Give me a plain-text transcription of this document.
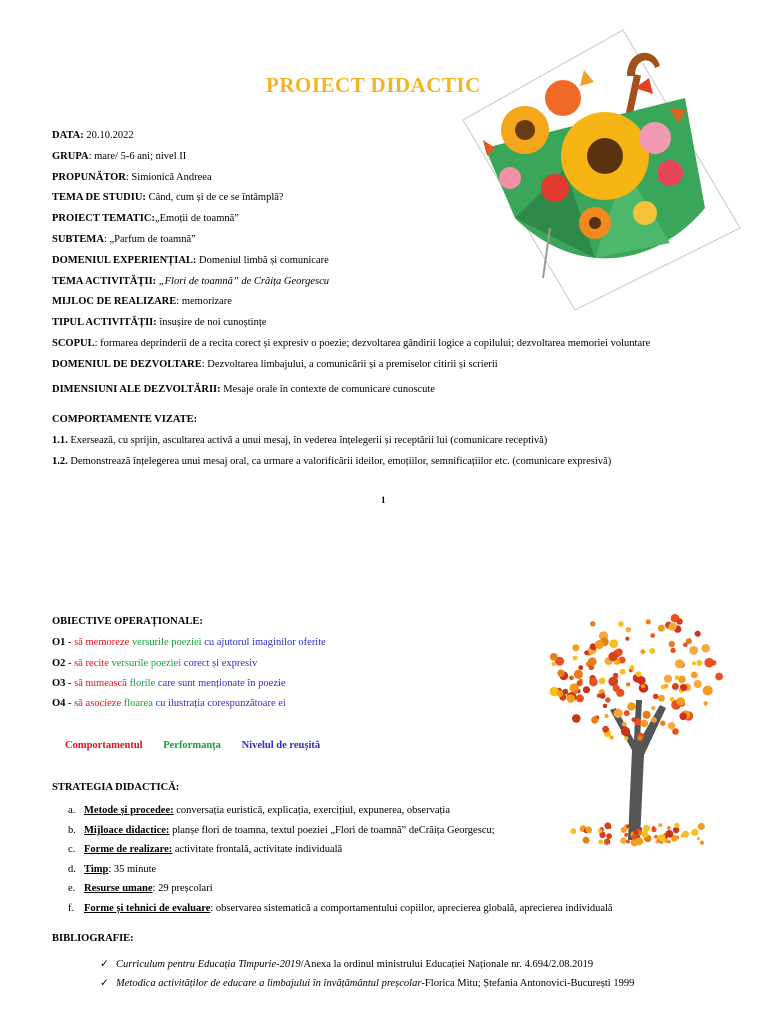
PROIECT DIDACTIC
DATA: 20.10.2022
GRUPA: mare/ 5-6 ani; nivel II
PROPUNĂTOR: Simionică Andreea
TEMA DE STUDIU: Când, cum și de ce se întâmplă?
PROIECT TEMATIC:„Emoții de toamnă”
SUBTEMA: „Parfum de toamnă”
DOMENIUL EXPERIENȚIAL: Domeniul limbă și comunicare
TEMA ACTIVITĂȚII: „Flori de toamnă” de Crăița Georgescu
MIJLOC DE REALIZARE: memorizare
TIPUL ACTIVITĂȚII: însușire de noi cunoștințe
SCOPUL: formarea deprinderii de a recita corect și expresiv o poezie; dezvoltarea gândirii logice a copilului; dezvoltarea memoriei voluntare
DOMENIUL DE DEZVOLTARE: Dezvoltarea limbajului, a comunicării și a premiselor citirii și scrierii
DIMENSIUNI ALE DEZVOLTĂRII: Mesaje orale în contexte de comunicare cunoscute
COMPORTAMENTE VIZATE:
1.1. Exersează, cu sprijin, ascultarea activă a unui mesaj, în vederea înțelegerii și receptării lui (comunicare receptivă)
1.2. Demonstrează înțelegerea unui mesaj oral, ca urmare a valorificării ideilor, emoțiilor, semnificațiilor etc. (comunicare expresivă)
1
OBIECTIVE OPERAȚIONALE:
O1 - să memoreze versurile poeziei cu ajutorul imaginilor oferite
O2 - să recite versurile poeziei corect și expresiv
O3 - să numească florile care sunt menționate în poezie
O4 - să asocieze floarea cu ilustrația corespunzătoare ei
Comportamentul Performanța Nivelul de reușită
STRATEGIA DIDACTICĂ:
a. Metode și procedee: conversația euristică, explicația, exercițiul, expunerea, observația
b. Mijloace didactice: planșe flori de toamna, textul poeziei „Flori de toamnă” deCrăița Georgescu;
c. Forme de realizare: activitate frontală, activitate individuală
d. Timp: 35 minute
e. Resurse umane: 29 preșcolari
f. Forme și tehnici de evaluare: observarea sistematică a comportamentului copiilor, aprecierea globală, aprecierea individuală
BIBLIOGRAFIE:
✓ Curriculum pentru Educația Timpurie-2019/Anexa la ordinul ministrului Educației Naționale nr. 4.694/2.08.2019
✓ Metodica activităților de educare a limbajului în învățământul preșcolar-Florica Mitu; Ștefania Antonovici-București 1999
